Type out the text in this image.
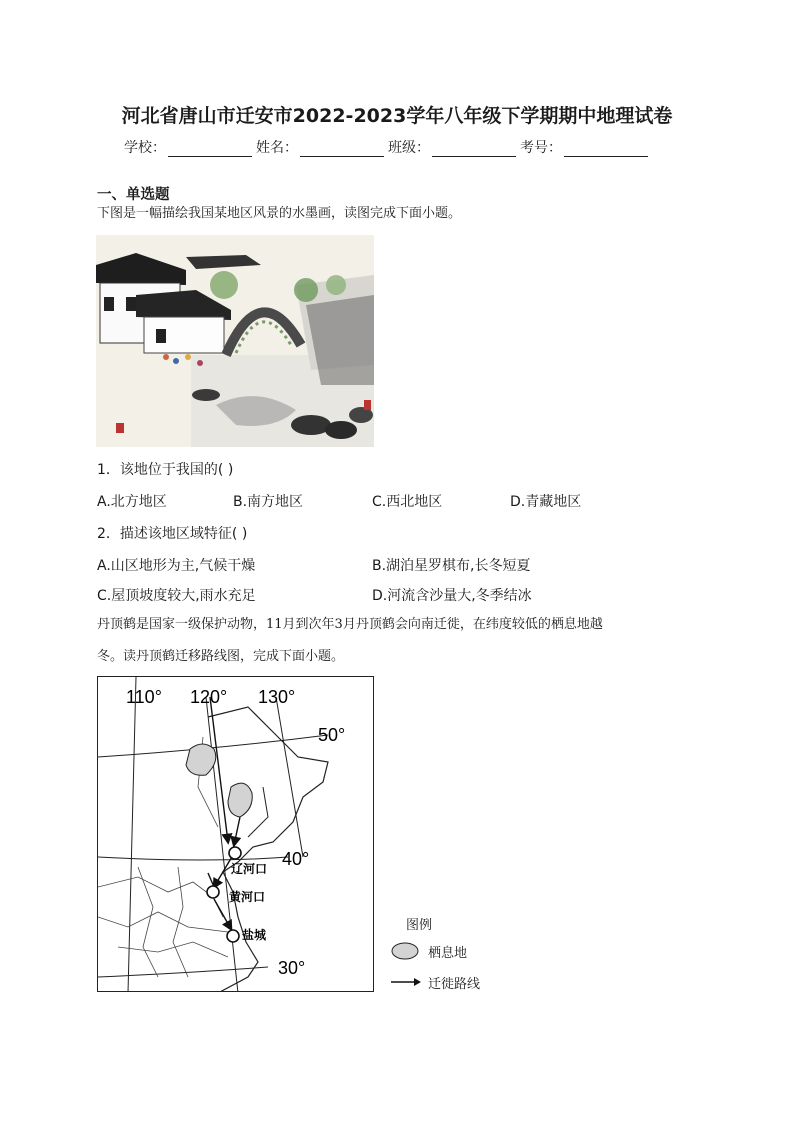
河北省唐山市迁安市2022-2023学年八年级下学期期中地理试卷
学校：	姓名：	班级：	考号：
一、单选题
下图是一幅描绘我国某地区风景的水墨画，读图完成下面小题。
1．该地位于我国的( )
A.北方地区	B.南方地区	C.西北地区	D.青藏地区
2．描述该地区域特征( )
A.山区地形为主,气候干燥	B.湖泊星罗棋布,长冬短夏
C.屋顶坡度较大,雨水充足	D.河流含沙量大,冬季结冰
丹顶鹤是国家一级保护动物，11月到次年3月丹顶鹤会向南迁徙，在纬度较低的栖息地越
冬。读丹顶鹤迁移路线图，完成下面小题。
110° 120° 130°
50°
40°
30°
辽河口
黄河口
盐城
图例
栖息地
迁徙路线
